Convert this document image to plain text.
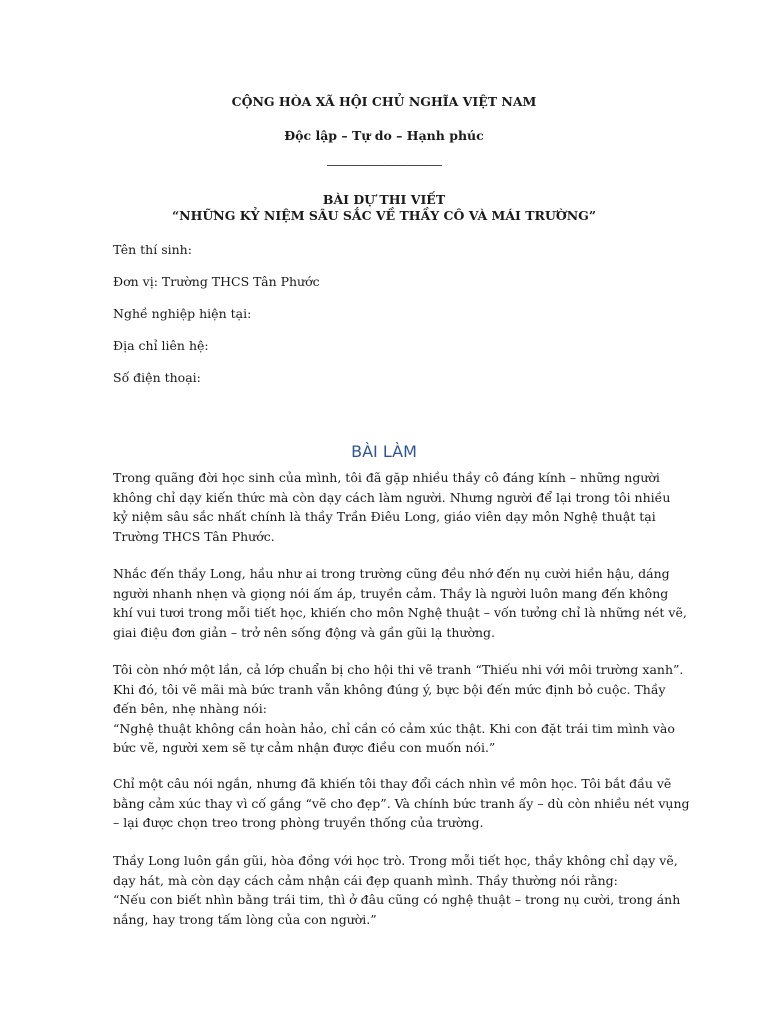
CỘNG HÒA XÃ HỘI CHỦ NGHĨA VIỆT NAM
Độc lập – Tự do – Hạnh phúc
——————————
BÀI DỰ THI VIẾT
“NHỮNG KỶ NIỆM SÂU SẮC VỀ THẦY CÔ VÀ MÁI TRƯỜNG”
Tên thí sinh:
Đơn vị: Trường THCS Tân Phước
Nghề nghiệp hiện tại:
Địa chỉ liên hệ:
Số điện thoại:
BÀI LÀM
Trong quãng đời học sinh của mình, tôi đã gặp nhiều thầy cô đáng kính – những người
không chỉ dạy kiến thức mà còn dạy cách làm người. Nhưng người để lại trong tôi nhiều
kỷ niệm sâu sắc nhất chính là thầy Trần Điêu Long, giáo viên dạy môn Nghệ thuật tại
Trường THCS Tân Phước.
Nhắc đến thầy Long, hầu như ai trong trường cũng đều nhớ đến nụ cười hiền hậu, dáng
người nhanh nhẹn và giọng nói ấm áp, truyền cảm. Thầy là người luôn mang đến không
khí vui tươi trong mỗi tiết học, khiến cho môn Nghệ thuật – vốn tưởng chỉ là những nét vẽ,
giai điệu đơn giản – trở nên sống động và gần gũi lạ thường.
Tôi còn nhớ một lần, cả lớp chuẩn bị cho hội thi vẽ tranh “Thiếu nhi với môi trường xanh”.
Khi đó, tôi vẽ mãi mà bức tranh vẫn không đúng ý, bực bội đến mức định bỏ cuộc. Thầy
đến bên, nhẹ nhàng nói:
“Nghệ thuật không cần hoàn hảo, chỉ cần có cảm xúc thật. Khi con đặt trái tim mình vào
bức vẽ, người xem sẽ tự cảm nhận được điều con muốn nói.”
Chỉ một câu nói ngắn, nhưng đã khiến tôi thay đổi cách nhìn về môn học. Tôi bắt đầu vẽ
bằng cảm xúc thay vì cố gắng “vẽ cho đẹp”. Và chính bức tranh ấy – dù còn nhiều nét vụng
– lại được chọn treo trong phòng truyền thống của trường.
Thầy Long luôn gần gũi, hòa đồng với học trò. Trong mỗi tiết học, thầy không chỉ dạy vẽ,
dạy hát, mà còn dạy cách cảm nhận cái đẹp quanh mình. Thầy thường nói rằng:
“Nếu con biết nhìn bằng trái tim, thì ở đâu cũng có nghệ thuật – trong nụ cười, trong ánh
nắng, hay trong tấm lòng của con người.”
